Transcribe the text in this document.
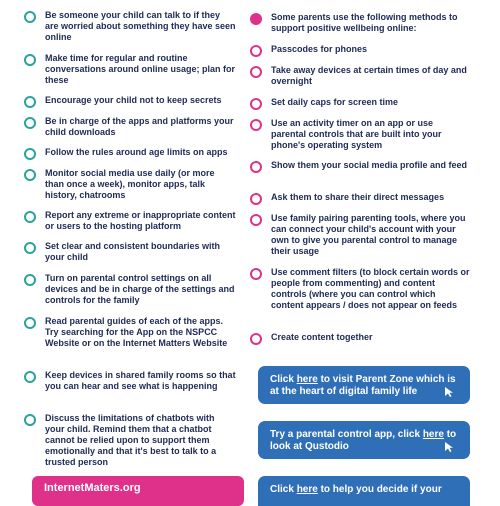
Be someone your child can talk to if they are worried about something they have seen online
Make time for regular and routine conversations around online usage; plan for these
Encourage your child not to keep secrets
Be in charge of the apps and platforms your child downloads
Follow the rules around age limits on apps
Monitor social media use daily (or more than once a week), monitor apps, talk history, chatrooms
Report any extreme or inappropriate content or users to the hosting platform
Set clear and consistent boundaries with your child
Turn on parental control settings on all devices and be in charge of the settings and controls for the family
Read parental guides of each of the apps. Try searching for the App on the NSPCC Website or on the Internet Matters Website
Keep devices in shared family rooms so that you can hear and see what is happening
Discuss the limitations of chatbots with your child. Remind them that a chatbot cannot be relied upon to support them emotionally and that it's best to talk to a trusted person
Some parents use the following methods to support positive wellbeing online:
Passcodes for phones
Take away devices at certain times of day and overnight
Set daily caps for screen time
Use an activity timer on an app or use parental controls that are built into your phone's operating system
Show them your social media profile and feed
Ask them to share their direct messages
Use family pairing parenting tools, where you can connect your child's account with your own to give you parental control to manage their usage
Use comment filters (to block certain words or people from commenting) and content controls (where you can control which content appears / does not appear on feeds
Create content together
Click here to visit Parent Zone which is at the heart of digital family life
Try a parental control app, click here to look at Qustodio
Click here to help you decide if your
InternetMaters.org
